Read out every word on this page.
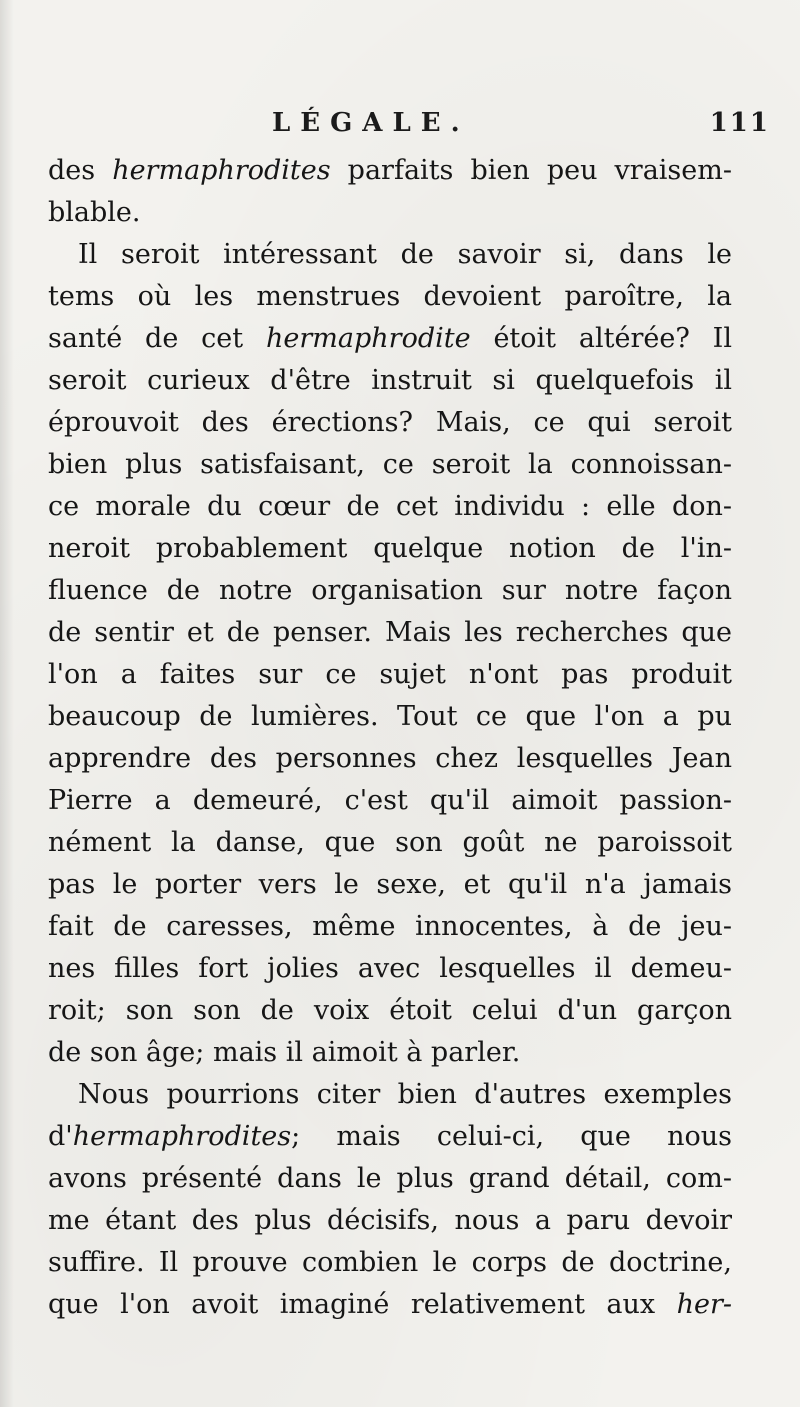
LÉGALE.	111

des hermaphrodites parfaits bien peu vraisem-
blable.

Il seroit intéressant de savoir si, dans le
tems où les menstrues devoient paroître, la
santé de cet hermaphrodite étoit altérée? Il
seroit curieux d'être instruit si quelquefois il
éprouvoit des érections? Mais, ce qui seroit
bien plus satisfaisant, ce seroit la connoissan-
ce morale du cœur de cet individu : elle don-
neroit probablement quelque notion de l'in-
fluence de notre organisation sur notre façon
de sentir et de penser. Mais les recherches que
l'on a faites sur ce sujet n'ont pas produit
beaucoup de lumières. Tout ce que l'on a pu
apprendre des personnes chez lesquelles Jean
Pierre a demeuré, c'est qu'il aimoit passion-
nément la danse, que son goût ne paroissoit
pas le porter vers le sexe, et qu'il n'a jamais
fait de caresses, même innocentes, à de jeu-
nes filles fort jolies avec lesquelles il demeu-
roit; son son de voix étoit celui d'un garçon
de son âge; mais il aimoit à parler.

Nous pourrions citer bien d'autres exemples
d'hermaphrodites; mais celui-ci, que nous
avons présenté dans le plus grand détail, com-
me étant des plus décisifs, nous a paru devoir
suffire. Il prouve combien le corps de doctrine,
que l'on avoit imaginé relativement aux her-
